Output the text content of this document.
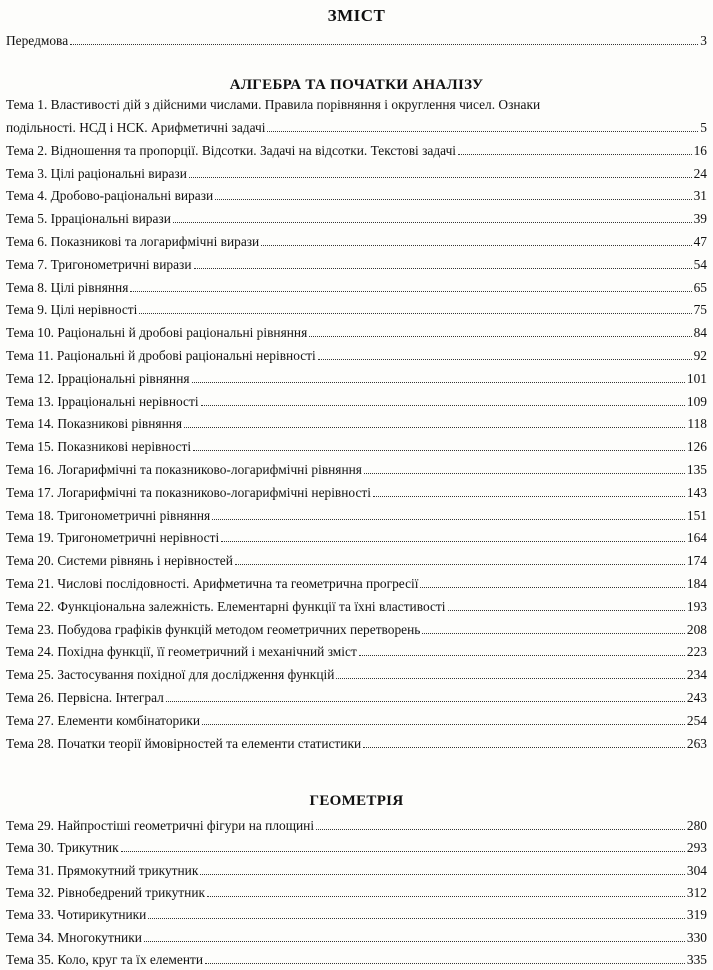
ЗМІСТ
Передмова	3
АЛГЕБРА ТА ПОЧАТКИ АНАЛІЗУ
Тема 1. Властивості дій з дійсними числами. Правила порівняння і округлення чисел. Ознаки
подільності. НСД і НСК. Арифметичні задачі	5
Тема 2. Відношення та пропорції. Відсотки. Задачі на відсотки. Текстові задачі	16
Тема 3. Цілі раціональні вирази	24
Тема 4. Дробово-раціональні вирази	31
Тема 5. Ірраціональні вирази	39
Тема 6. Показникові та логарифмічні вирази	47
Тема 7. Тригонометричні вирази	54
Тема 8. Цілі рівняння	65
Тема 9. Цілі нерівності	75
Тема 10. Раціональні й дробові раціональні рівняння	84
Тема 11. Раціональні й дробові раціональні нерівності	92
Тема 12. Ірраціональні рівняння	101
Тема 13. Ірраціональні нерівності	109
Тема 14. Показникові рівняння	118
Тема 15. Показникові нерівності	126
Тема 16. Логарифмічні та показниково-логарифмічні рівняння	135
Тема 17. Логарифмічні та показниково-логарифмічні нерівності	143
Тема 18. Тригонометричні рівняння	151
Тема 19. Тригонометричні нерівності	164
Тема 20. Системи рівнянь і нерівностей	174
Тема 21. Числові послідовності. Арифметична та геометрична прогресії	184
Тема 22. Функціональна залежність. Елементарні функції та їхні властивості	193
Тема 23. Побудова графіків функцій методом геометричних перетворень	208
Тема 24. Похідна функції, її геометричний і механічний зміст	223
Тема 25. Застосування похідної для дослідження функцій	234
Тема 26. Первісна. Інтеграл	243
Тема 27. Елементи комбінаторики	254
Тема 28. Початки теорії ймовірностей та елементи статистики	263
ГЕОМЕТРІЯ
Тема 29. Найпростіші геометричні фігури на площині	280
Тема 30. Трикутник	293
Тема 31. Прямокутний трикутник	304
Тема 32. Рівнобедрений трикутник	312
Тема 33. Чотирикутники	319
Тема 34. Многокутники	330
Тема 35. Коло, круг та їх елементи	335
